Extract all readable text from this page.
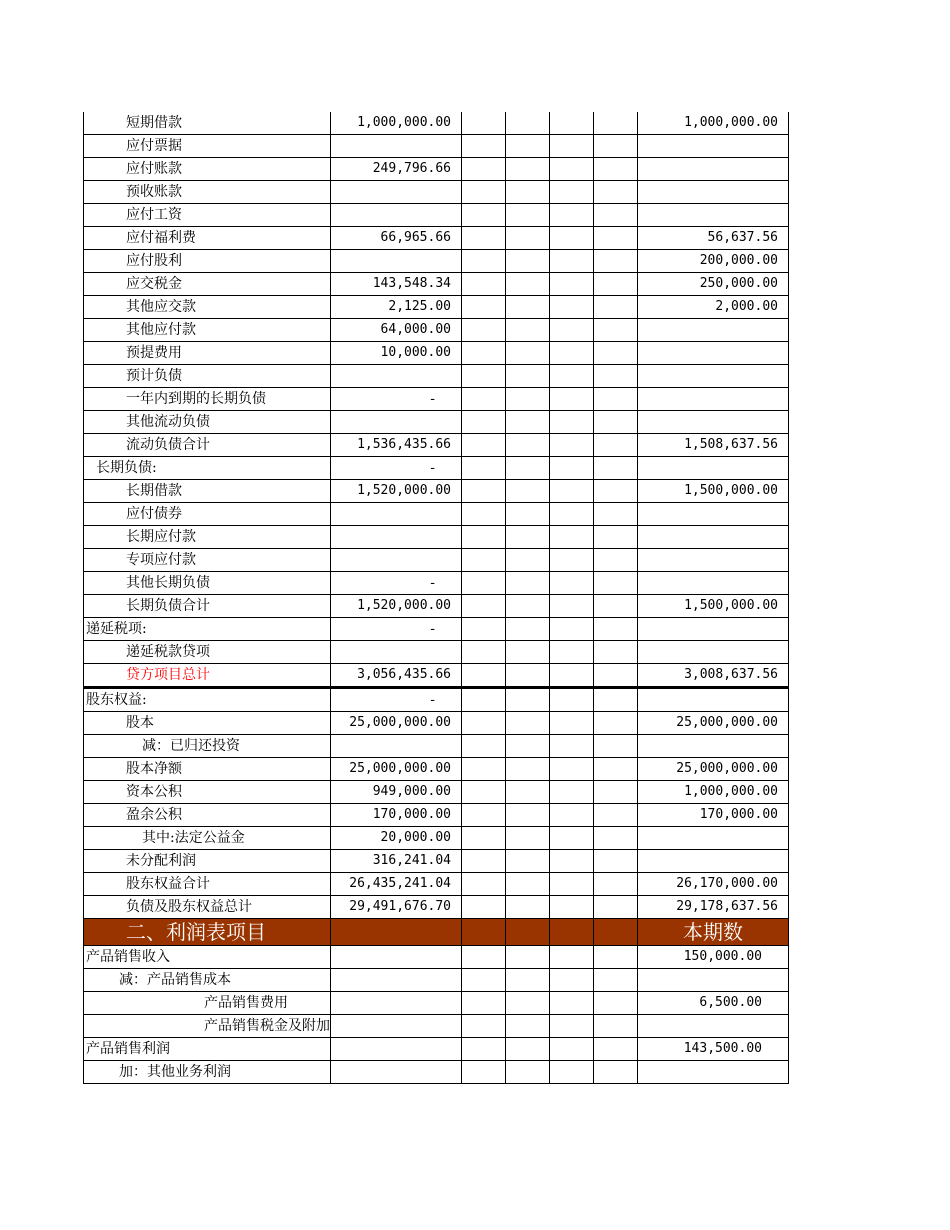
短期借款	1,000,000.00					1,000,000.00
应付票据						
应付账款	249,796.66					
预收账款						
应付工资						
应付福利费	66,965.66					56,637.56
应付股利						200,000.00
应交税金	143,548.34					250,000.00
其他应交款	2,125.00					2,000.00
其他应付款	64,000.00					
预提费用	10,000.00					
预计负债						
一年内到期的长期负债	-					
其他流动负债						
流动负债合计	1,536,435.66					1,508,637.56
长期负债:	-					
长期借款	1,520,000.00					1,500,000.00
应付债券						
长期应付款						
专项应付款						
其他长期负债	-					
长期负债合计	1,520,000.00					1,500,000.00
递延税项:	-					
递延税款贷项						
贷方项目总计	3,056,435.66					3,008,637.56
股东权益:	-					
股本	25,000,000.00					25,000,000.00
减：已归还投资						
股本净额	25,000,000.00					25,000,000.00
资本公积	949,000.00					1,000,000.00
盈余公积	170,000.00					170,000.00
其中:法定公益金	20,000.00					
未分配利润	316,241.04					
股东权益合计	26,435,241.04					26,170,000.00
负债及股东权益总计	29,491,676.70					29,178,637.56
二、利润表项目						本期数
产品销售收入						150,000.00
减：产品销售成本						
产品销售费用						6,500.00
产品销售税金及附加						
产品销售利润						143,500.00
加：其他业务利润						
